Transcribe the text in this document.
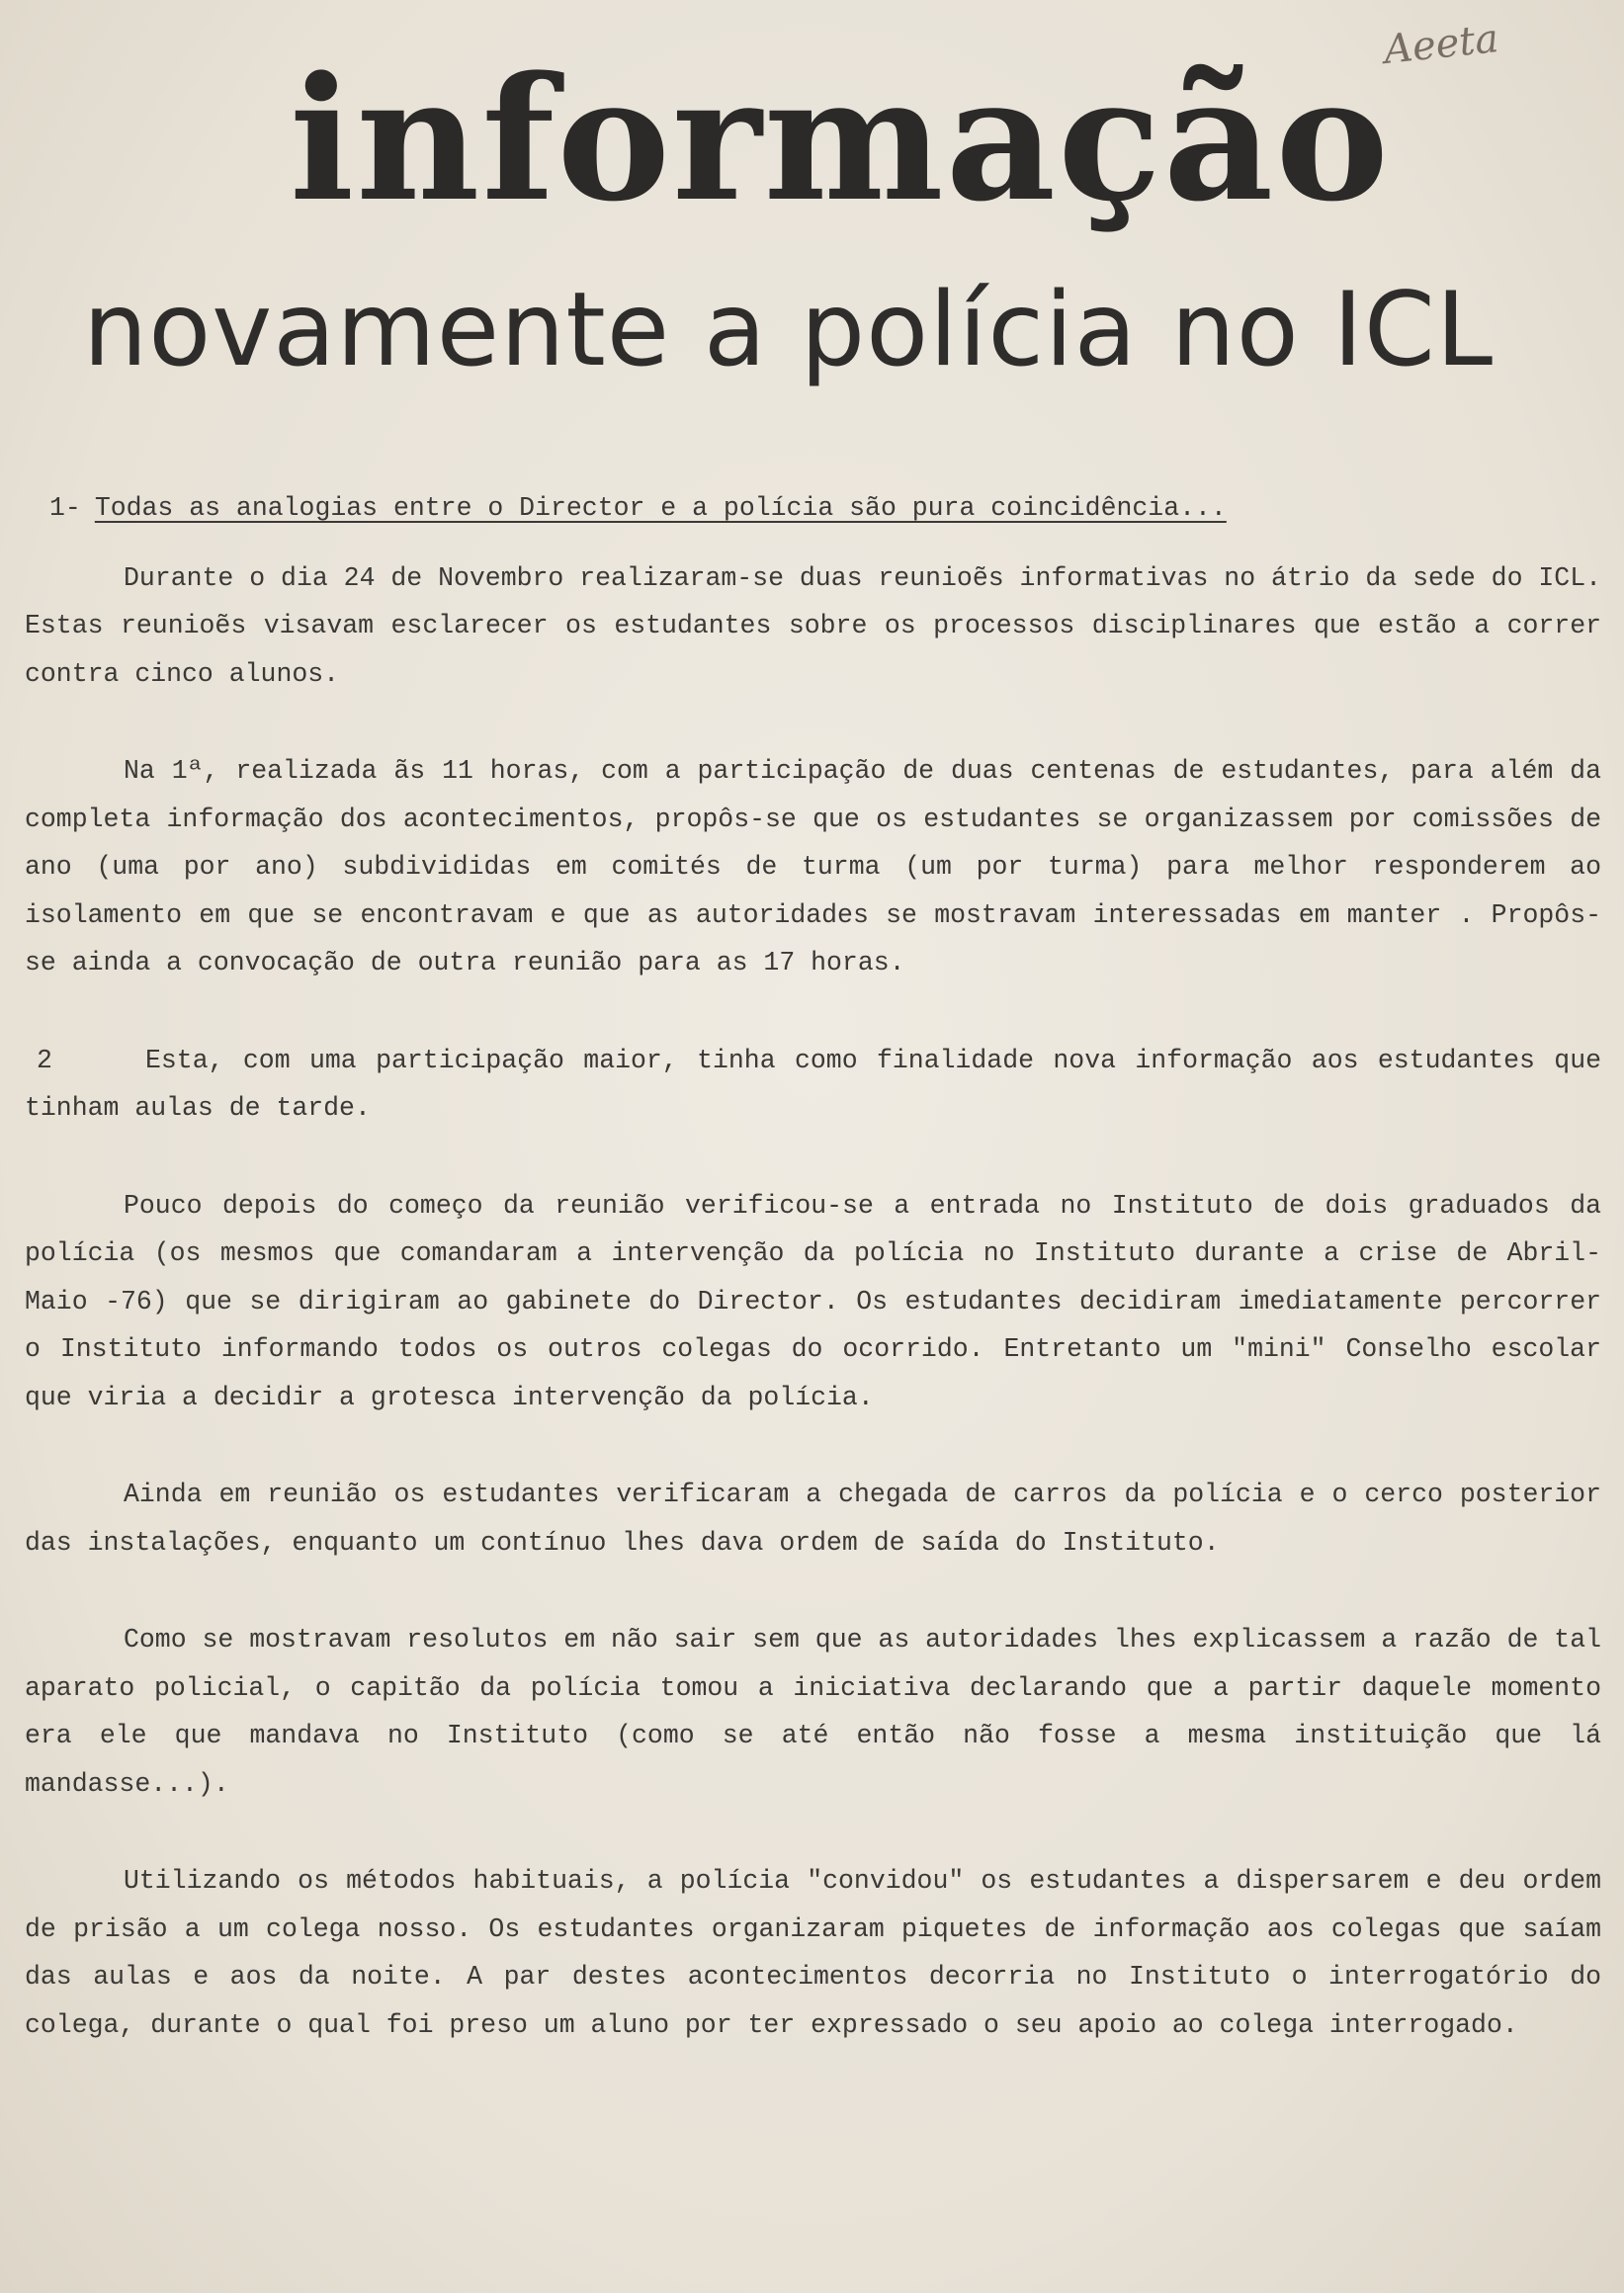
Aeeta
informação
novamente a polícia no ICL
1- Todas as analogias entre o Director e a polícia são pura coincidência...

Durante o dia 24 de Novembro realizaram-se duas reunioẽs informativas no átrio da sede do ICL. Estas reunioẽs visavam esclarecer os estudantes sobre os processos disciplinares que estão a correr contra cinco alunos.

Na 1ª, realizada ãs 11 horas, com a participação de duas centenas de estudantes, para além da completa informação dos acontecimentos, propôs-se que os estudantes se organizassem por comissões de ano (uma por ano) subdivididas em comités de turma (um por turma) para melhor responderem ao isolamento em que se encontravam e que as autoridades se mostravam interessadas em manter . Propôs-se ainda a convocação de outra reunião para as 17 horas.

2	Esta, com uma participação maior, tinha como finalidade nova informação aos estudantes que tinham aulas de tarde.

Pouco depois do começo da reunião verificou-se a entrada no Instituto de dois graduados da polícia (os mesmos que comandaram a intervenção da polícia no Instituto durante a crise de Abril-Maio -76) que se dirigiram ao gabinete do Director. Os estudantes decidiram imediatamente percorrer o Instituto informando todos os outros colegas do ocorrido. Entretanto um "mini" Conselho escolar que viria a decidir a grotesca intervenção da polícia.

Ainda em reunião os estudantes verificaram a chegada de carros da polícia e o cerco posterior das instalações, enquanto um contínuo lhes dava ordem de saída do Instituto.

Como se mostravam resolutos em não sair sem que as autoridades lhes explicassem a razão de tal aparato policial, o capitão da polícia tomou a iniciativa declarando que a partir daquele momento era ele que mandava no Instituto (como se até então não fosse a mesma instituição que lá mandasse...).

Utilizando os métodos habituais, a polícia "convidou" os estudantes a dispersarem e deu ordem de prisão a um colega nosso. Os estudantes organizaram piquetes de informação aos colegas que saíam das aulas e aos da noite. A par destes acontecimentos decorria no Instituto o interrogatório do colega, durante o qual foi preso um aluno por ter expressado o seu apoio ao colega interrogado.
